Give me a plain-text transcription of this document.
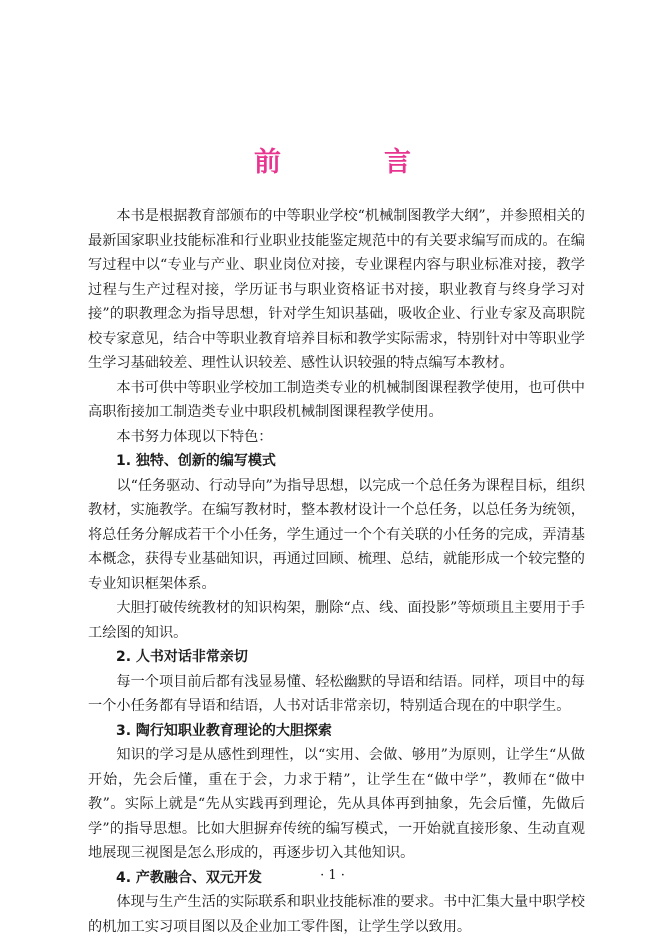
前　言

本书是根据教育部颁布的中等职业学校“机械制图教学大纲”，并参照相关的最新国家职业技能标准和行业职业技能鉴定规范中的有关要求编写而成的。在编写过程中以“专业与产业、职业岗位对接，专业课程内容与职业标准对接，教学过程与生产过程对接，学历证书与职业资格证书对接，职业教育与终身学习对接”的职教理念为指导思想，针对学生知识基础，吸收企业、行业专家及高职院校专家意见，结合中等职业教育培养目标和教学实际需求，特别针对中等职业学生学习基础较差、理性认识较差、感性认识较强的特点编写本教材。

本书可供中等职业学校加工制造类专业的机械制图课程教学使用，也可供中高职衔接加工制造类专业中职段机械制图课程教学使用。

本书努力体现以下特色：

1. 独特、创新的编写模式

以“任务驱动、行动导向”为指导思想，以完成一个总任务为课程目标，组织教材，实施教学。在编写教材时，整本教材设计一个总任务，以总任务为统领，将总任务分解成若干个小任务，学生通过一个个有关联的小任务的完成，弄清基本概念，获得专业基础知识，再通过回顾、梳理、总结，就能形成一个较完整的专业知识框架体系。

大胆打破传统教材的知识构架，删除“点、线、面投影”等烦琐且主要用于手工绘图的知识。

2. 人书对话非常亲切

每一个项目前后都有浅显易懂、轻松幽默的导语和结语。同样，项目中的每一个小任务都有导语和结语，人书对话非常亲切，特别适合现在的中职学生。

3. 陶行知职业教育理论的大胆探索

知识的学习是从感性到理性，以“实用、会做、够用”为原则，让学生“从做开始，先会后懂，重在于会，力求于精”，让学生在“做中学”，教师在“做中教”。实际上就是“先从实践再到理论，先从具体再到抽象，先会后懂，先做后学”的指导思想。比如大胆摒弃传统的编写模式，一开始就直接形象、生动直观地展现三视图是怎么形成的，再逐步切入其他知识。

4. 产教融合、双元开发

体现与生产生活的实际联系和职业技能标准的要求。书中汇集大量中职学校的机加工实习项目图以及企业加工零件图，让学生学以致用。

· 1 ·
